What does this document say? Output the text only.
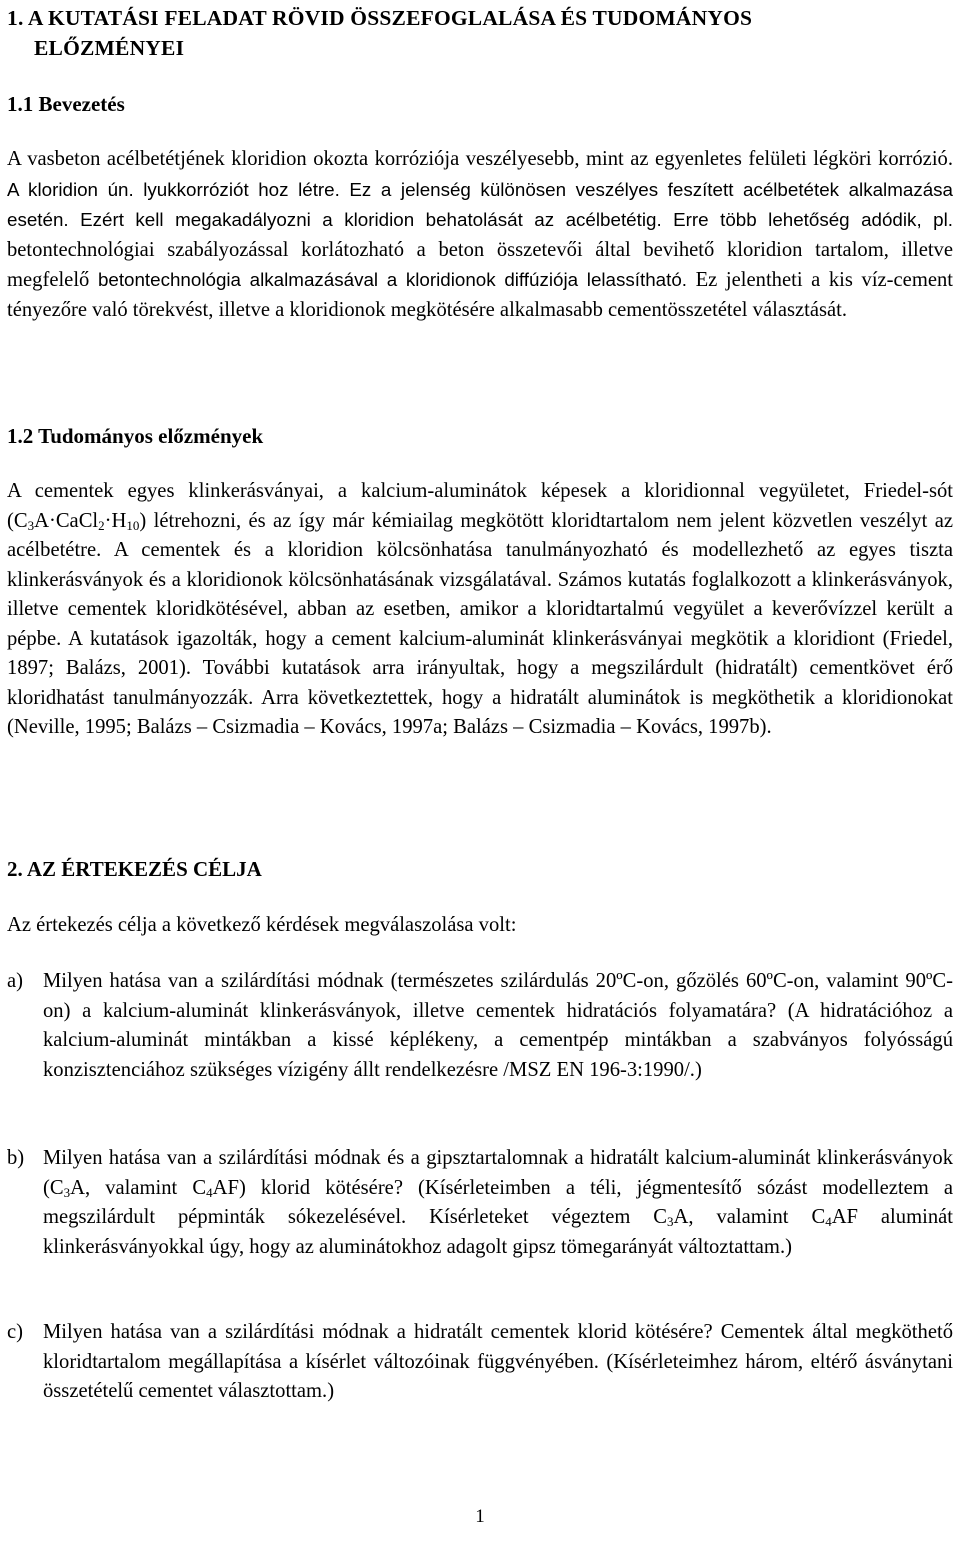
1. A KUTATÁSI FELADAT RÖVID ÖSSZEFOGLALÁSA ÉS TUDOMÁNYOS
ELŐZMÉNYEI
1.1 Bevezetés

A vasbeton acélbetétjének kloridion okozta korróziója veszélyesebb, mint az egyenletes felületi légköri korrózió. A kloridion ún. lyukkorróziót hoz létre. Ez a jelenség különösen veszélyes feszített acélbetétek alkalmazása esetén. Ezért kell megakadályozni a kloridion behatolását az acélbetétig. Erre több lehetőség adódik, pl. betontechnológiai szabályozással korlátozható a beton összetevői által bevihető kloridion tartalom, illetve megfelelő betontechnológia alkalmazásával a kloridionok diffúziója lelassítható. Ez jelentheti a kis víz-cement tényezőre való törekvést, illetve a kloridionok megkötésére alkalmasabb cementösszetétel választását.

1.2 Tudományos előzmények

A cementek egyes klinkerásványai, a kalcium-aluminátok képesek a kloridionnal vegyületet, Friedel-sót $(C_3A\cdot CaCl_2\cdot H_{10})$ létrehozni, és az így már kémiailag megkötött kloridtartalom nem jelent közvetlen veszélyt az acélbetétre. A cementek és a kloridion kölcsönhatása tanulmányozható és modellezhető az egyes tiszta klinkerásványok és a kloridionok kölcsönhatásának vizsgálatával. Számos kutatás foglalkozott a klinkerásványok, illetve cementek kloridkötésével, abban az esetben, amikor a kloridtartalmú vegyület a keverővízzel került a pépbe. A kutatások igazolták, hogy a cement kalcium-aluminát klinkerásványai megkötik a kloridiont (Friedel, 1897; Balázs, 2001). További kutatások arra irányultak, hogy a megszilárdult (hidratált) cementkövet érő kloridhatást tanulmányozzák. Arra következtettek, hogy a hidratált aluminátok is megköthetik a kloridionokat (Neville, 1995; Balázs – Csizmadia – Kovács, 1997a; Balázs – Csizmadia – Kovács, 1997b).

2. AZ ÉRTEKEZÉS CÉLJA

Az értekezés célja a következő kérdések megválaszolása volt:

a) Milyen hatása van a szilárdítási módnak (természetes szilárdulás 20ºC-on, gőzölés 60ºC-on, valamint 90ºC-on) a kalcium-aluminát klinkerásványok, illetve cementek hidratációs folyamatára? (A hidratációhoz a kalcium-aluminát mintákban a kissé képlékeny, a cementpép mintákban a szabványos folyósságú konzisztenciához szükséges vízigény állt rendelkezésre /MSZ EN 196-3:1990/.)

b) Milyen hatása van a szilárdítási módnak és a gipsztartalomnak a hidratált kalcium-aluminát klinkerásványok ($C_3A$, valamint $C_4AF$) klorid kötésére? (Kísérleteimben a téli, jégmentesítő sózást modelleztem a megszilárdult pépminták sókezelésével. Kísérleteket végeztem $C_3A$, valamint $C_4AF$ aluminát klinkerásványokkal úgy, hogy az aluminátokhoz adagolt gipsz tömegarányát változtattam.)

c) Milyen hatása van a szilárdítási módnak a hidratált cementek klorid kötésére? Cementek által megköthető kloridtartalom megállapítása a kísérlet változóinak függvényében. (Kísérleteimhez három, eltérő ásványtani összetételű cementet választottam.)

1
